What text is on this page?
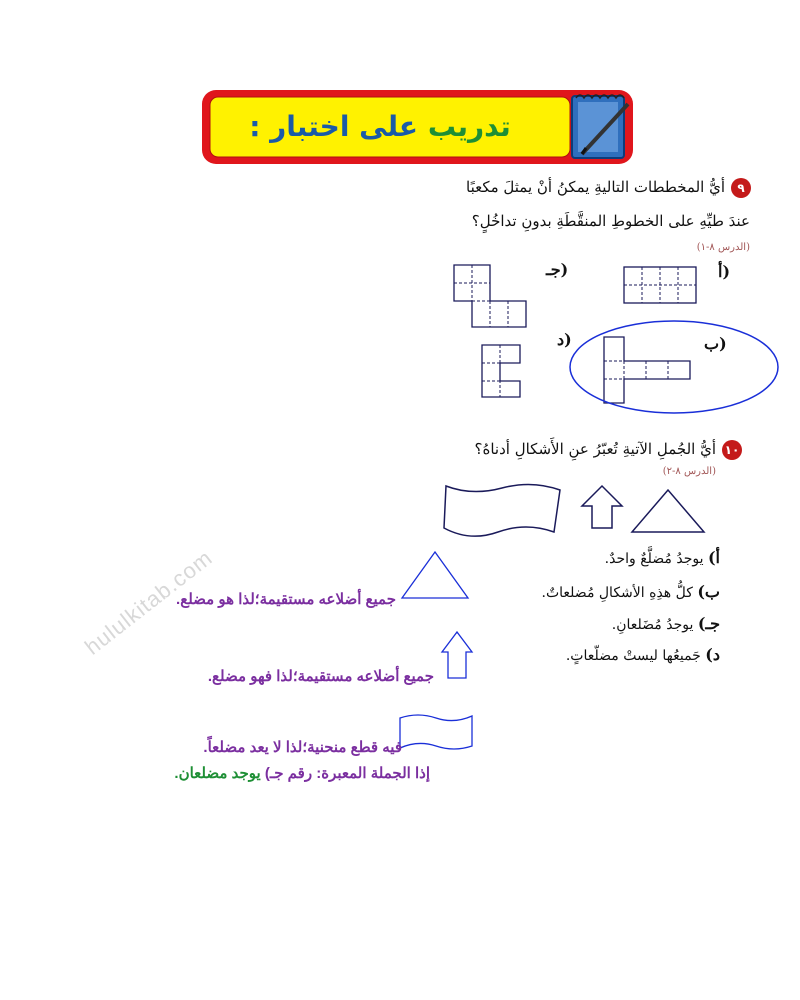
hululkitab.com
تدريب على اختبار :
٩
أيُّ المخططات التاليةِ يمكنُ أنْ يمثلَ مكعبًا
عندَ طيِّهِ على الخطوطِ المنقَّطَةِ بدونِ تداخُلٍ؟
(الدرس ٨-١)
أ)
ب)
جـ)
د)
١٠
أيُّ الجُملِ الآتيةِ تُعبّرُ عنِ الأَشكالِ أدناهُ؟
(الدرس ٨-٢)
أ) يوجدُ مُضلَّعٌ واحدٌ.
ب) كلُّ هذِهِ الأشكالِ مُضلعاتٌ.
جـ) يوجدُ مُضَلعانِ.
د) جَميعُها ليستْ مضلّعاتٍ.
جميع أضلاعه مستقيمة؛لذا هو مضلع.
جميع أضلاعه مستقيمة؛لذا فهو مضلع.
فيه قطع منحنية؛لذا لا يعد مضلعاً.
إذا الجملة المعبرة: رقم جـ) يوجد مضلعان.
